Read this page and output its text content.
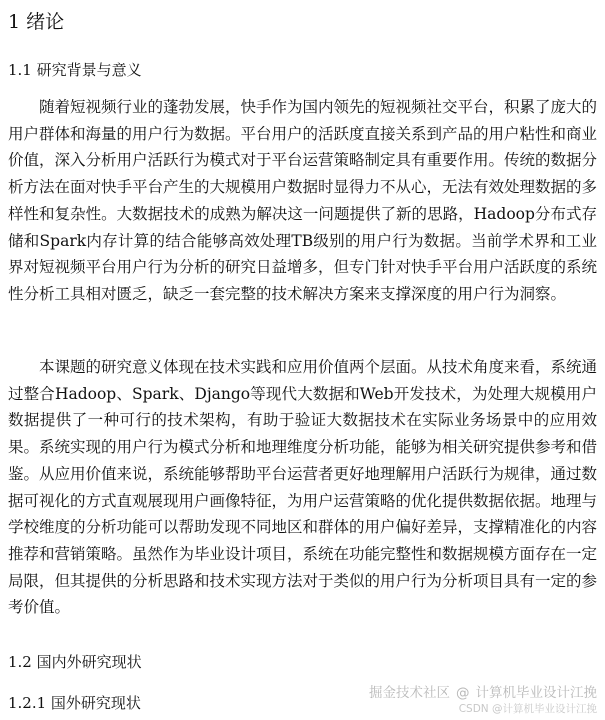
1 绪论
1.1 研究背景与意义

随着短视频行业的蓬勃发展，快手作为国内领先的短视频社交平台，积累了庞大的用户群体和海量的用户行为数据。平台用户的活跃度直接关系到产品的用户粘性和商业价值，深入分析用户活跃行为模式对于平台运营策略制定具有重要作用。传统的数据分析方法在面对快手平台产生的大规模用户数据时显得力不从心，无法有效处理数据的多样性和复杂性。大数据技术的成熟为解决这一问题提供了新的思路，Hadoop分布式存储和Spark内存计算的结合能够高效处理TB级别的用户行为数据。当前学术界和工业界对短视频平台用户行为分析的研究日益增多，但专门针对快手平台用户活跃度的系统性分析工具相对匮乏，缺乏一套完整的技术解决方案来支撑深度的用户行为洞察。

本课题的研究意义体现在技术实践和应用价值两个层面。从技术角度来看，系统通过整合Hadoop、Spark、Django等现代大数据和Web开发技术，为处理大规模用户数据提供了一种可行的技术架构，有助于验证大数据技术在实际业务场景中的应用效果。系统实现的用户行为模式分析和地理维度分析功能，能够为相关研究提供参考和借鉴。从应用价值来说，系统能够帮助平台运营者更好地理解用户活跃行为规律，通过数据可视化的方式直观展现用户画像特征，为用户运营策略的优化提供数据依据。地理与学校维度的分析功能可以帮助发现不同地区和群体的用户偏好差异，支撑精准化的内容推荐和营销策略。虽然作为毕业设计项目，系统在功能完整性和数据规模方面存在一定局限，但其提供的分析思路和技术实现方法对于类似的用户行为分析项目具有一定的参考价值。

1.2 国内外研究现状
1.2.1 国外研究现状
掘金技术社区 @ 计算机毕业设计江挽
CSDN @计算机毕业设计江挽
